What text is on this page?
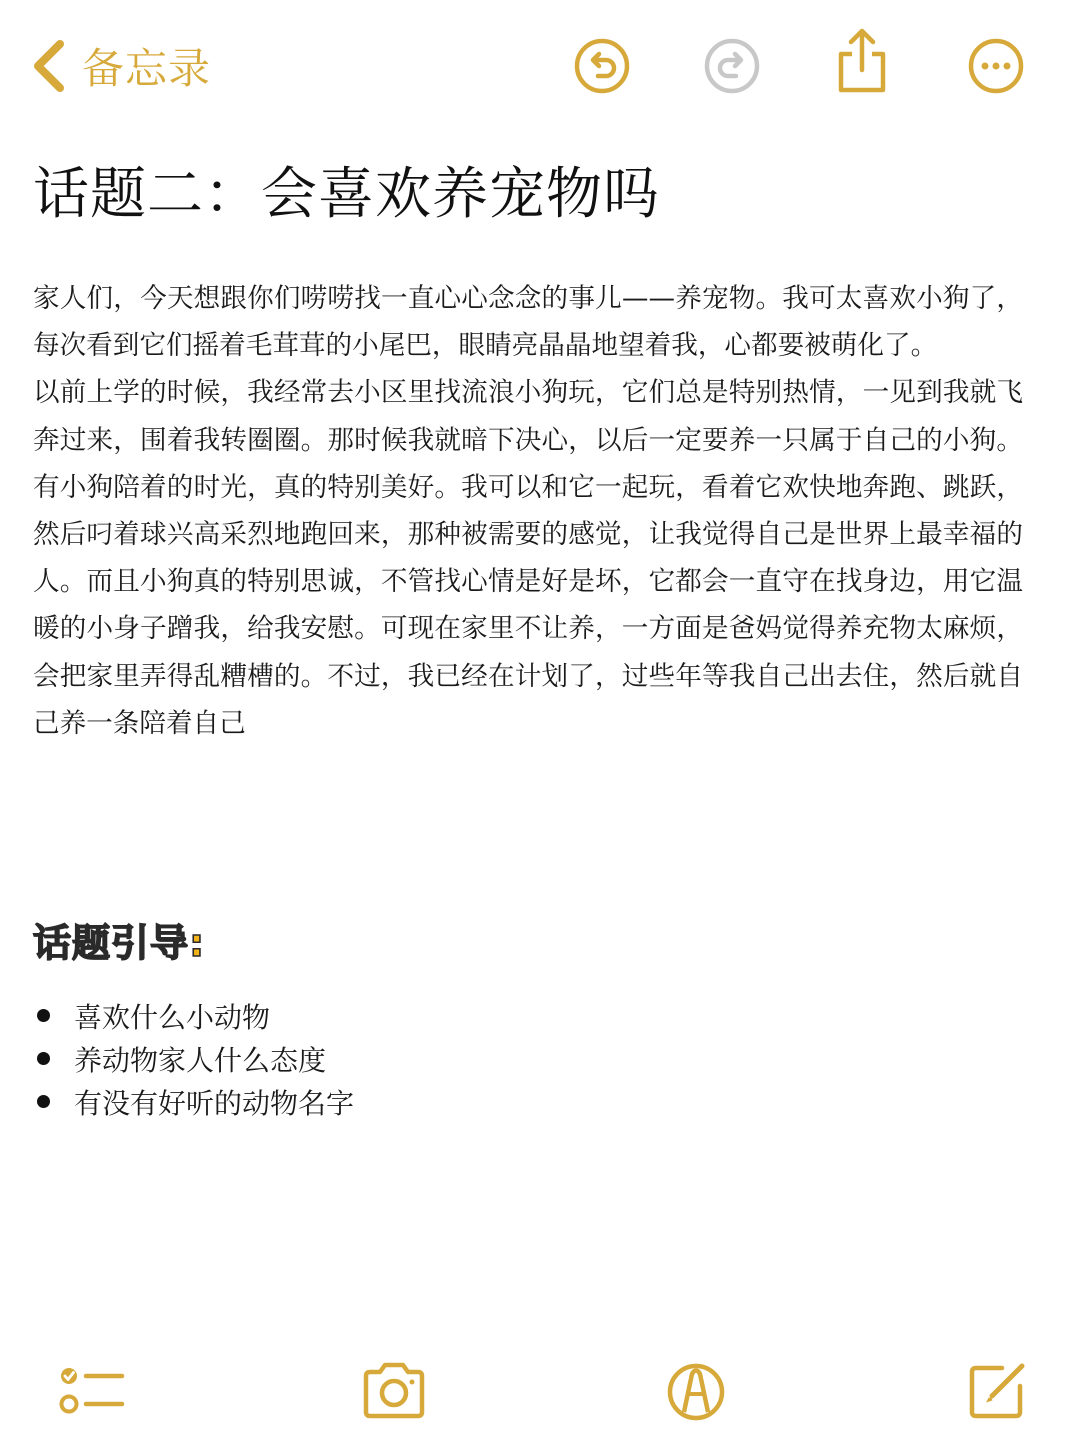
备忘录
话题二：会喜欢养宠物吗

家人们，今天想跟你们唠唠找一直心心念念的事儿——养宠物。我可太喜欢小狗了，每次看到它们摇着毛茸茸的小尾巴，眼睛亮晶晶地望着我，心都要被萌化了。

以前上学的时候，我经常去小区里找流浪小狗玩，它们总是特别热情，一见到我就飞奔过来，围着我转圈圈。那时候我就暗下决心，以后一定要养一只属于自己的小狗。有小狗陪着的时光，真的特别美好。我可以和它一起玩，看着它欢快地奔跑、跳跃，然后叼着球兴高采烈地跑回来，那种被需要的感觉，让我觉得自己是世界上最幸福的人。而且小狗真的特别思诚，不管找心情是好是坏，它都会一直守在找身边，用它温暖的小身子蹭我，给我安慰。可现在家里不让养，一方面是爸妈觉得养充物太麻烦，会把家里弄得乱糟槽的。不过，我已经在计划了，过些年等我自己出去住，然后就自己养一条陪着自己

话题引导:
喜欢什么小动物
养动物家人什么态度
有没有好听的动物名字
